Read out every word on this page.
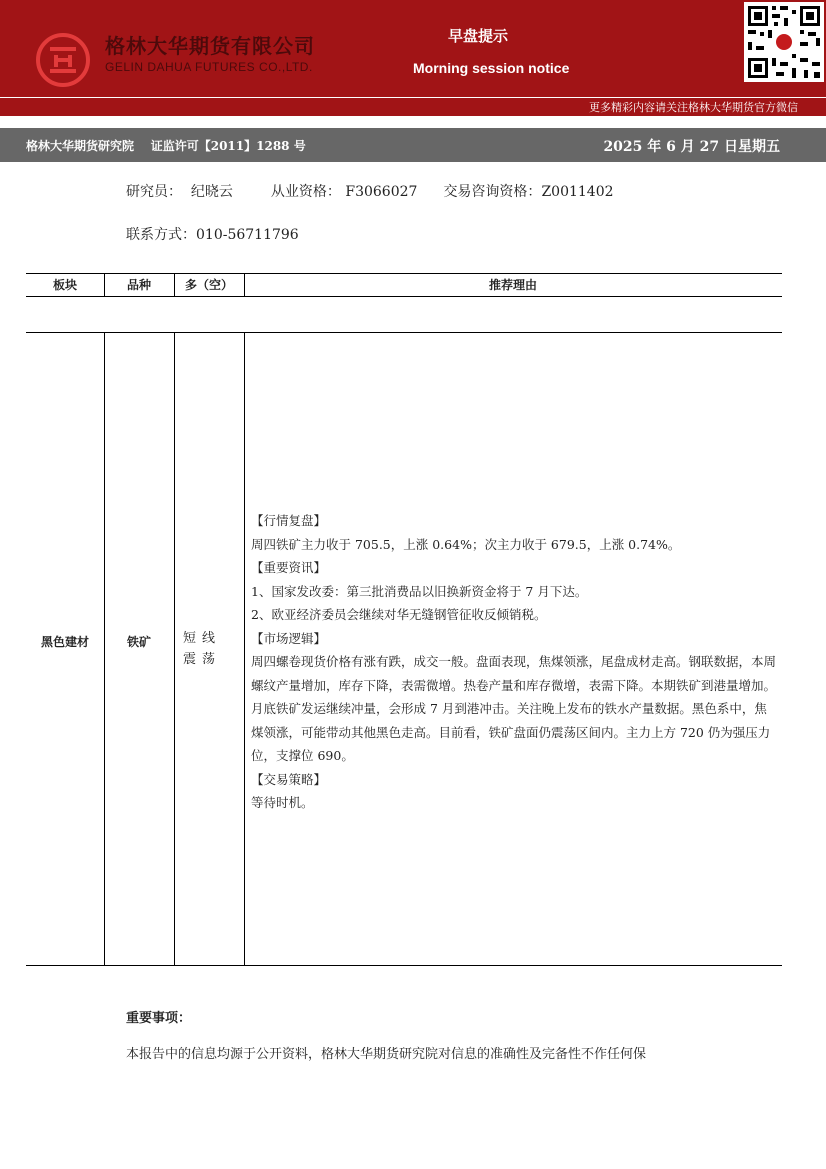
格林大华期货有限公司
GELIN DAHUA FUTURES CO.,LTD.
早盘提示
Morning session notice
更多精彩内容请关注格林大华期货官方微信
格林大华期货研究院 证监许可【2011】1288 号	2025 年 6 月 27 日星期五
研究员： 纪晓云	从业资格： F3066027 交易咨询资格：Z0011402
联系方式：010-56711796
板块	品种	多（空）	推荐理由
黑色建材	铁矿	短线震荡
【行情复盘】
周四铁矿主力收于 705.5，上涨 0.64%；次主力收于 679.5，上涨 0.74%。
【重要资讯】
1、国家发改委：第三批消费品以旧换新资金将于 7 月下达。
2、欧亚经济委员会继续对华无缝钢管征收反倾销税。
【市场逻辑】
周四螺卷现货价格有涨有跌，成交一般。盘面表现，焦煤领涨，尾盘成材走高。钢联数据，本周螺纹产量增加，库存下降，表需微增。热卷产量和库存微增，表需下降。本期铁矿到港量增加。月底铁矿发运继续冲量，会形成 7 月到港冲击。关注晚上发布的铁水产量数据。黑色系中，焦煤领涨，可能带动其他黑色走高。目前看，铁矿盘面仍震荡区间内。主力上方 720 仍为强压力位，支撑位 690。
【交易策略】
等待时机。
重要事项：
本报告中的信息均源于公开资料，格林大华期货研究院对信息的准确性及完备性不作任何保
